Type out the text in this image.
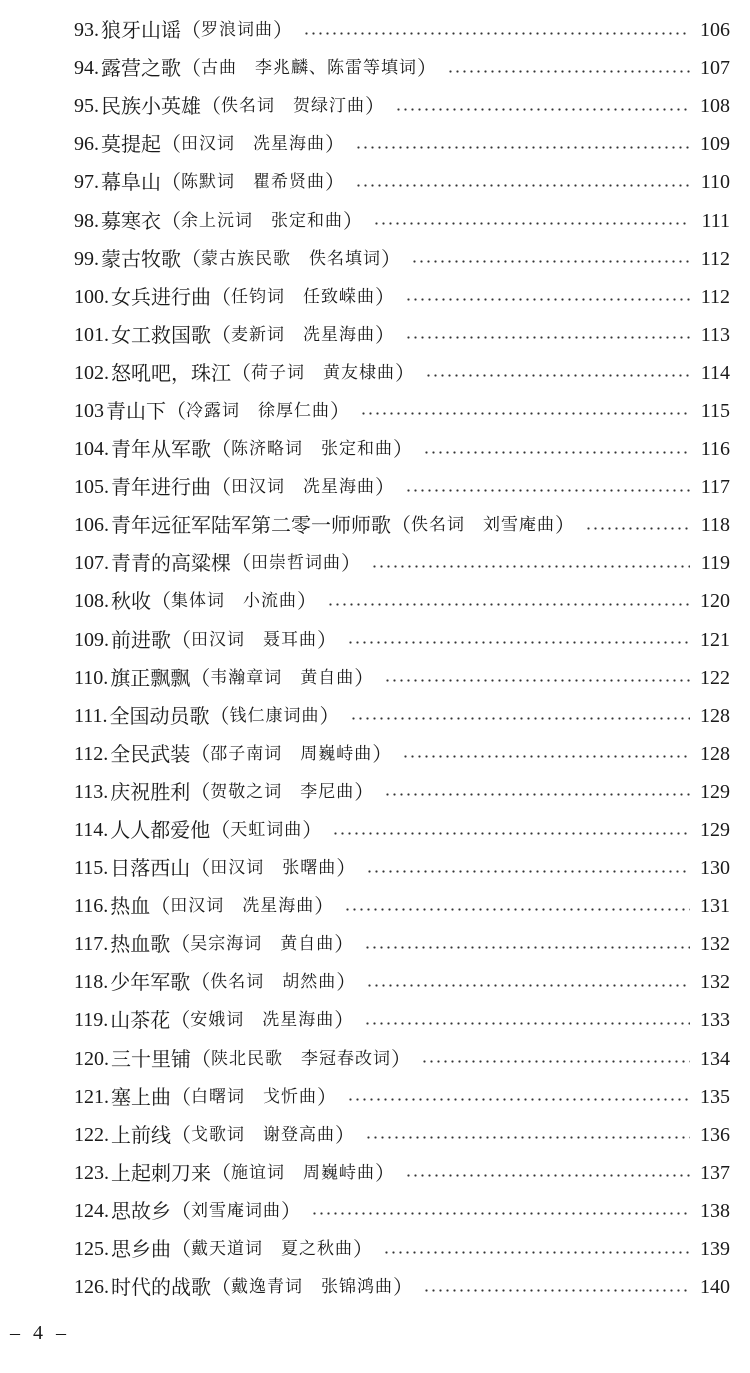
93. 狼牙山谣 （ 罗浪词曲 ）	106
94. 露营之歌 （ 古曲　李兆麟、陈雷等填词 ）	107
95. 民族小英雄 （ 佚名词　贺绿汀曲 ）	108
96. 莫提起 （ 田汉词　冼星海曲 ）	109
97. 幕阜山 （ 陈默词　瞿希贤曲 ）	110
98. 募寒衣 （ 余上沅词　张定和曲 ）	111
99. 蒙古牧歌 （ 蒙古族民歌　佚名填词 ）	112
100. 女兵进行曲 （ 任钧词　任致嵘曲 ）	112
101. 女工救国歌 （ 麦新词　冼星海曲 ）	113
102. 怒吼吧，珠江 （ 荷子词　黄友棣曲 ）	114
103 青山下 （ 冷露词　徐厚仁曲 ）	115
104. 青年从军歌 （ 陈济略词　张定和曲 ）	116
105. 青年进行曲 （ 田汉词　冼星海曲 ）	117
106. 青年远征军陆军第二零一师师歌 （ 佚名词　刘雪庵曲 ）	118
107. 青青的高粱棵 （ 田崇哲词曲 ）	119
108. 秋收 （ 集体词　小流曲 ）	120
109. 前进歌 （ 田汉词　聂耳曲 ）	121
110. 旗正飘飘 （ 韦瀚章词　黄自曲 ）	122
111. 全国动员歌 （ 钱仁康词曲 ）	128
112. 全民武装 （ 邵子南词　周巍峙曲 ）	128
113. 庆祝胜利 （ 贺敬之词　李尼曲 ）	129
114. 人人都爱他 （ 天虹词曲 ）	129
115. 日落西山 （ 田汉词　张曙曲 ）	130
116. 热血 （ 田汉词　冼星海曲 ）	131
117. 热血歌 （ 吴宗海词　黄自曲 ）	132
118. 少年军歌 （ 佚名词　胡然曲 ）	132
119. 山茶花 （ 安娥词　冼星海曲 ）	133
120. 三十里铺 （ 陕北民歌　李冠春改词 ）	134
121. 塞上曲 （ 白曙词　戈忻曲 ）	135
122. 上前线 （ 戈歌词　谢登高曲 ）	136
123. 上起刺刀来 （ 施谊词　周巍峙曲 ）	137
124. 思故乡 （ 刘雪庵词曲 ）	138
125. 思乡曲 （ 戴天道词　夏之秋曲 ）	139
126. 时代的战歌 （ 戴逸青词　张锦鸿曲 ）	140
– 4 –
